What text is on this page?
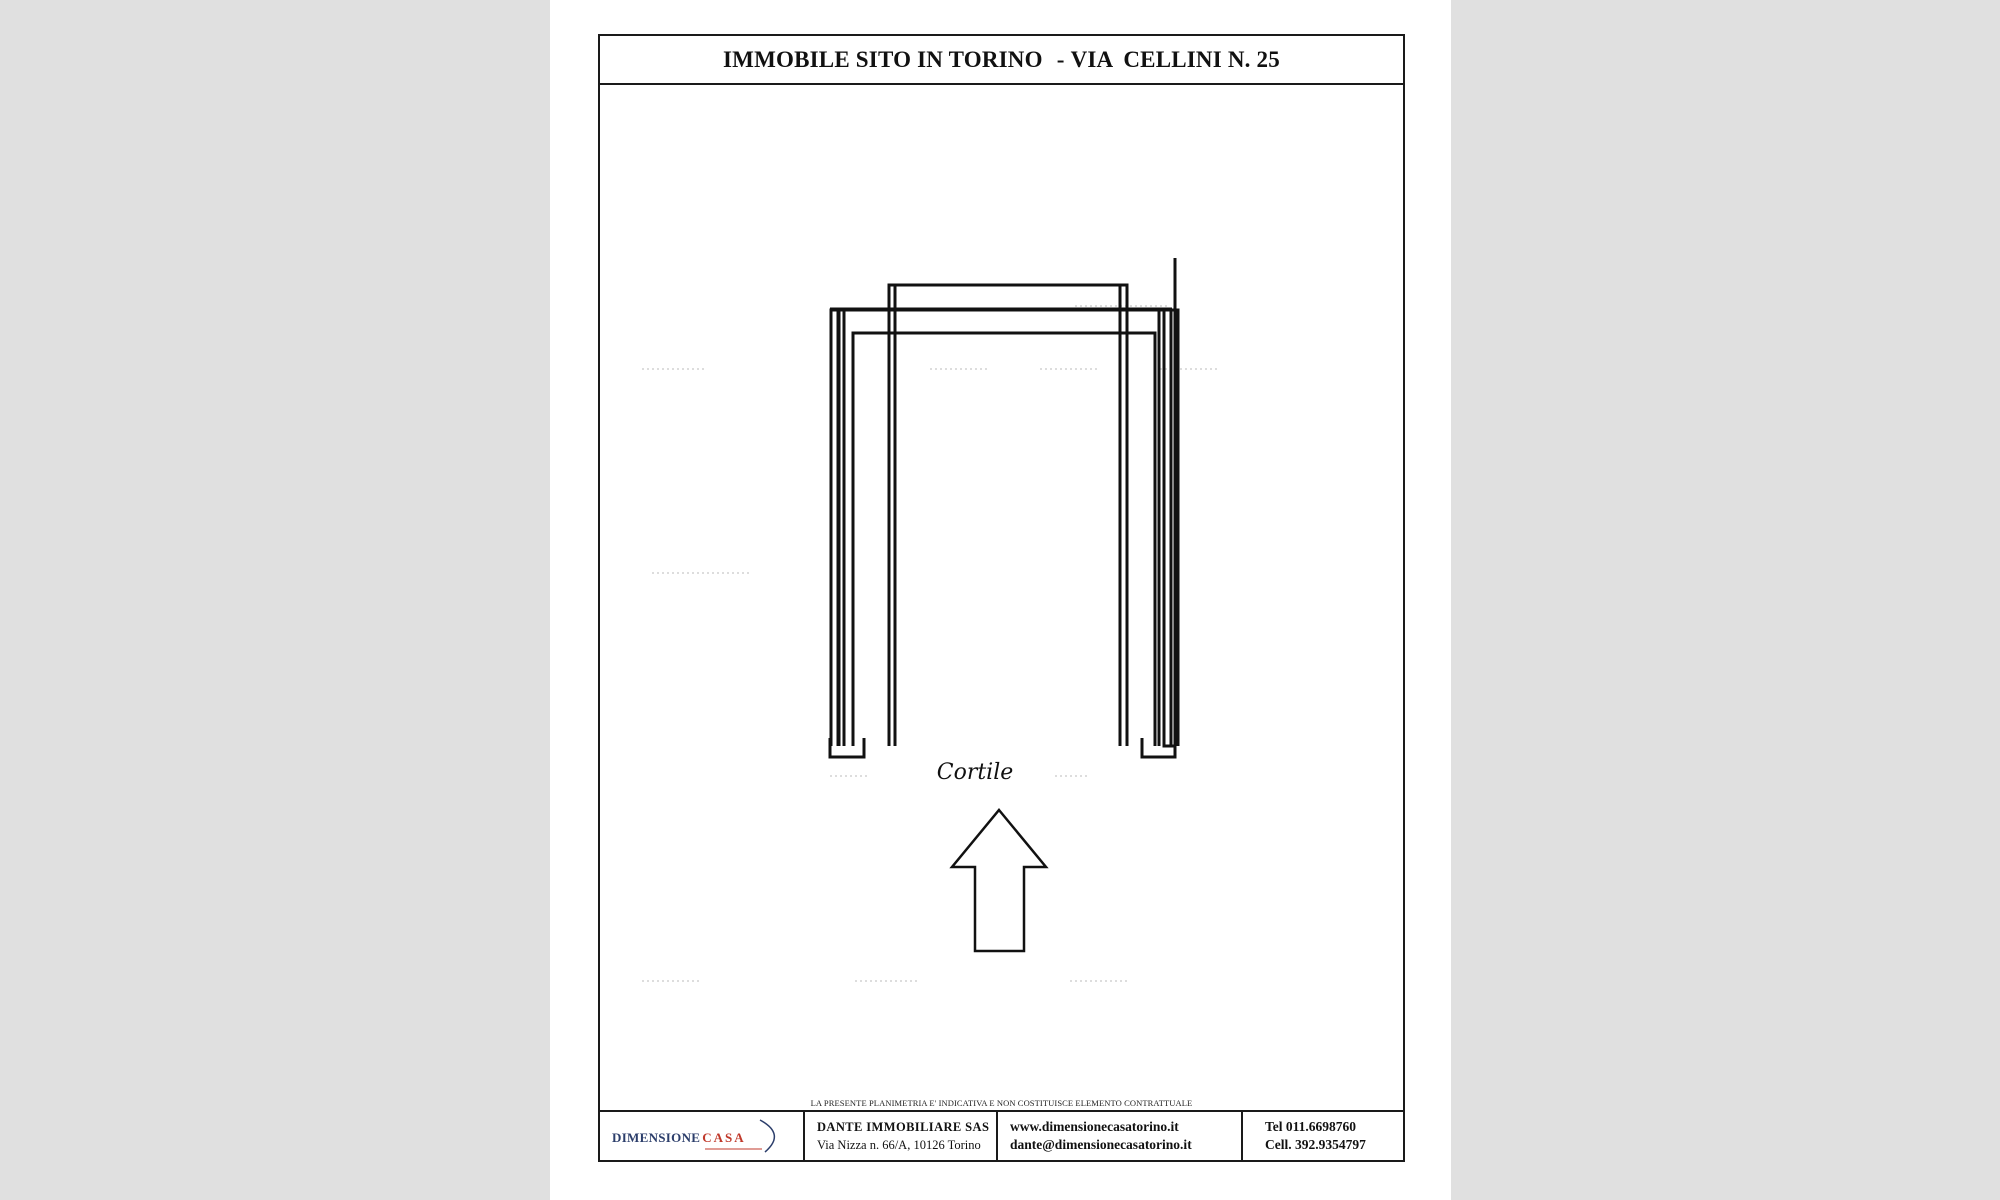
IMMOBILE SITO IN TORINO - VIA CELLINI N. 25
Cortile
LA PRESENTE PLANIMETRIA E' INDICATIVA E NON COSTITUISCE ELEMENTO CONTRATTUALE
DIMENSIONE CASA
DANTE IMMOBILIARE SAS
Via Nizza n. 66/A, 10126 Torino
www.dimensionecasatorino.it
dante@dimensionecasatorino.it
Tel 011.6698760
Cell. 392.9354797
